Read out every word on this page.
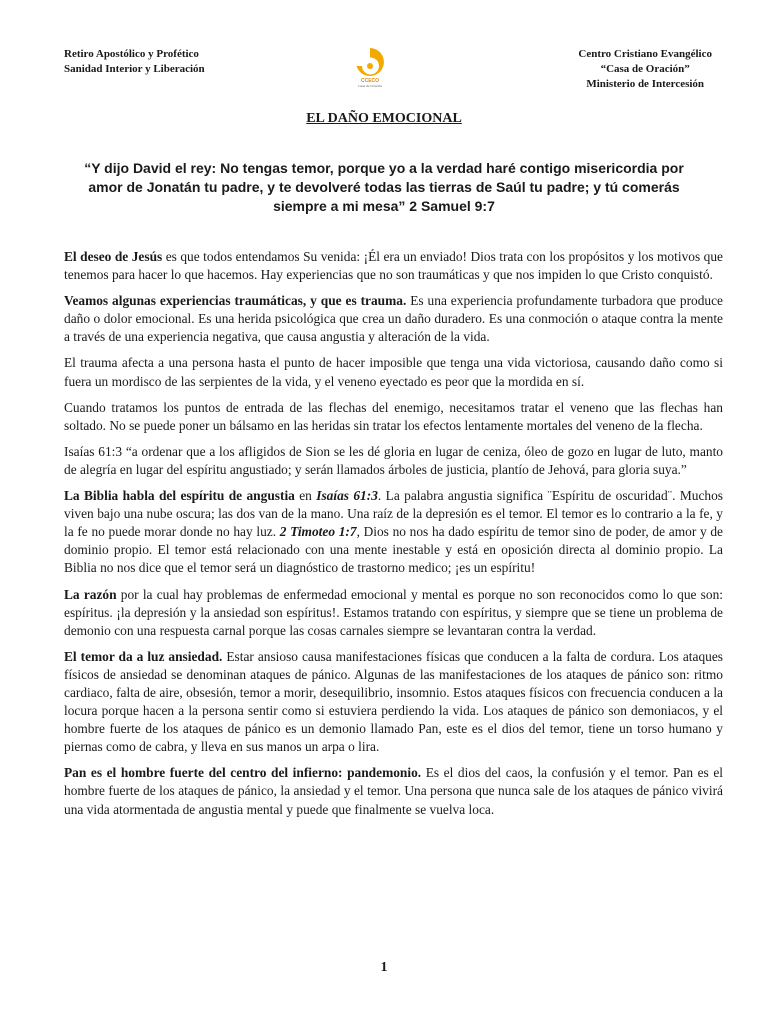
Retiro Apostólico y Profético
Sanidad Interior y Liberación
CCECO
Casa de Oración
Centro Cristiano Evangélico
“Casa de Oración”
Ministerio de Intercesión
EL DAÑO EMOCIONAL
“Y dijo David el rey: No tengas temor, porque yo a la verdad haré contigo misericordia por amor de Jonatán tu padre, y te devolveré todas las tierras de Saúl tu padre; y tú comerás siempre a mi mesa” 2 Samuel 9:7

El deseo de Jesús es que todos entendamos Su venida: ¡Él era un enviado! Dios trata con los propósitos y los motivos que tenemos para hacer lo que hacemos. Hay experiencias que no son traumáticas y que nos impiden lo que Cristo conquistó.

Veamos algunas experiencias traumáticas, y que es trauma. Es una experiencia profundamente turbadora que produce daño o dolor emocional. Es una herida psicológica que crea un daño duradero. Es una conmoción o ataque contra la mente a través de una experiencia negativa, que causa angustia y alteración de la vida.

El trauma afecta a una persona hasta el punto de hacer imposible que tenga una vida victoriosa, causando daño como si fuera un mordisco de las serpientes de la vida, y el veneno eyectado es peor que la mordida en sí.

Cuando tratamos los puntos de entrada de las flechas del enemigo, necesitamos tratar el veneno que las flechas han soltado. No se puede poner un bálsamo en las heridas sin tratar los efectos lentamente mortales del veneno de la flecha.

Isaías 61:3 “a ordenar que a los afligidos de Sion se les dé gloria en lugar de ceniza, óleo de gozo en lugar de luto, manto de alegría en lugar del espíritu angustiado; y serán llamados árboles de justicia, plantío de Jehová, para gloria suya.”

La Biblia habla del espíritu de angustia en Isaías 61:3. La palabra angustia significa ¨Espíritu de oscuridad¨. Muchos viven bajo una nube oscura; las dos van de la mano. Una raíz de la depresión es el temor. El temor es lo contrario a la fe, y la fe no puede morar donde no hay luz. 2 Timoteo 1:7, Dios no nos ha dado espíritu de temor sino de poder, de amor y de dominio propio. El temor está relacionado con una mente inestable y está en oposición directa al dominio propio. La Biblia no nos dice que el temor será un diagnóstico de trastorno medico; ¡es un espíritu!

La razón por la cual hay problemas de enfermedad emocional y mental es porque no son reconocidos como lo que son: espíritus. ¡la depresión y la ansiedad son espíritus!. Estamos tratando con espíritus, y siempre que se tiene un problema de demonio con una respuesta carnal porque las cosas carnales siempre se levantaran contra la verdad.

El temor da a luz ansiedad. Estar ansioso causa manifestaciones físicas que conducen a la falta de cordura. Los ataques físicos de ansiedad se denominan ataques de pánico. Algunas de las manifestaciones de los ataques de pánico son: ritmo cardiaco, falta de aire, obsesión, temor a morir, desequilibrio, insomnio. Estos ataques físicos con frecuencia conducen a la locura porque hacen a la persona sentir como si estuviera perdiendo la vida. Los ataques de pánico son demoniacos, y el hombre fuerte de los ataques de pánico es un demonio llamado Pan, este es el dios del temor, tiene un torso humano y piernas como de cabra, y lleva en sus manos un arpa o lira.

Pan es el hombre fuerte del centro del infierno: pandemonio. Es el dios del caos, la confusión y el temor. Pan es el hombre fuerte de los ataques de pánico, la ansiedad y el temor. Una persona que nunca sale de los ataques de pánico vivirá una vida atormentada de angustia mental y puede que finalmente se vuelva loca.

1
